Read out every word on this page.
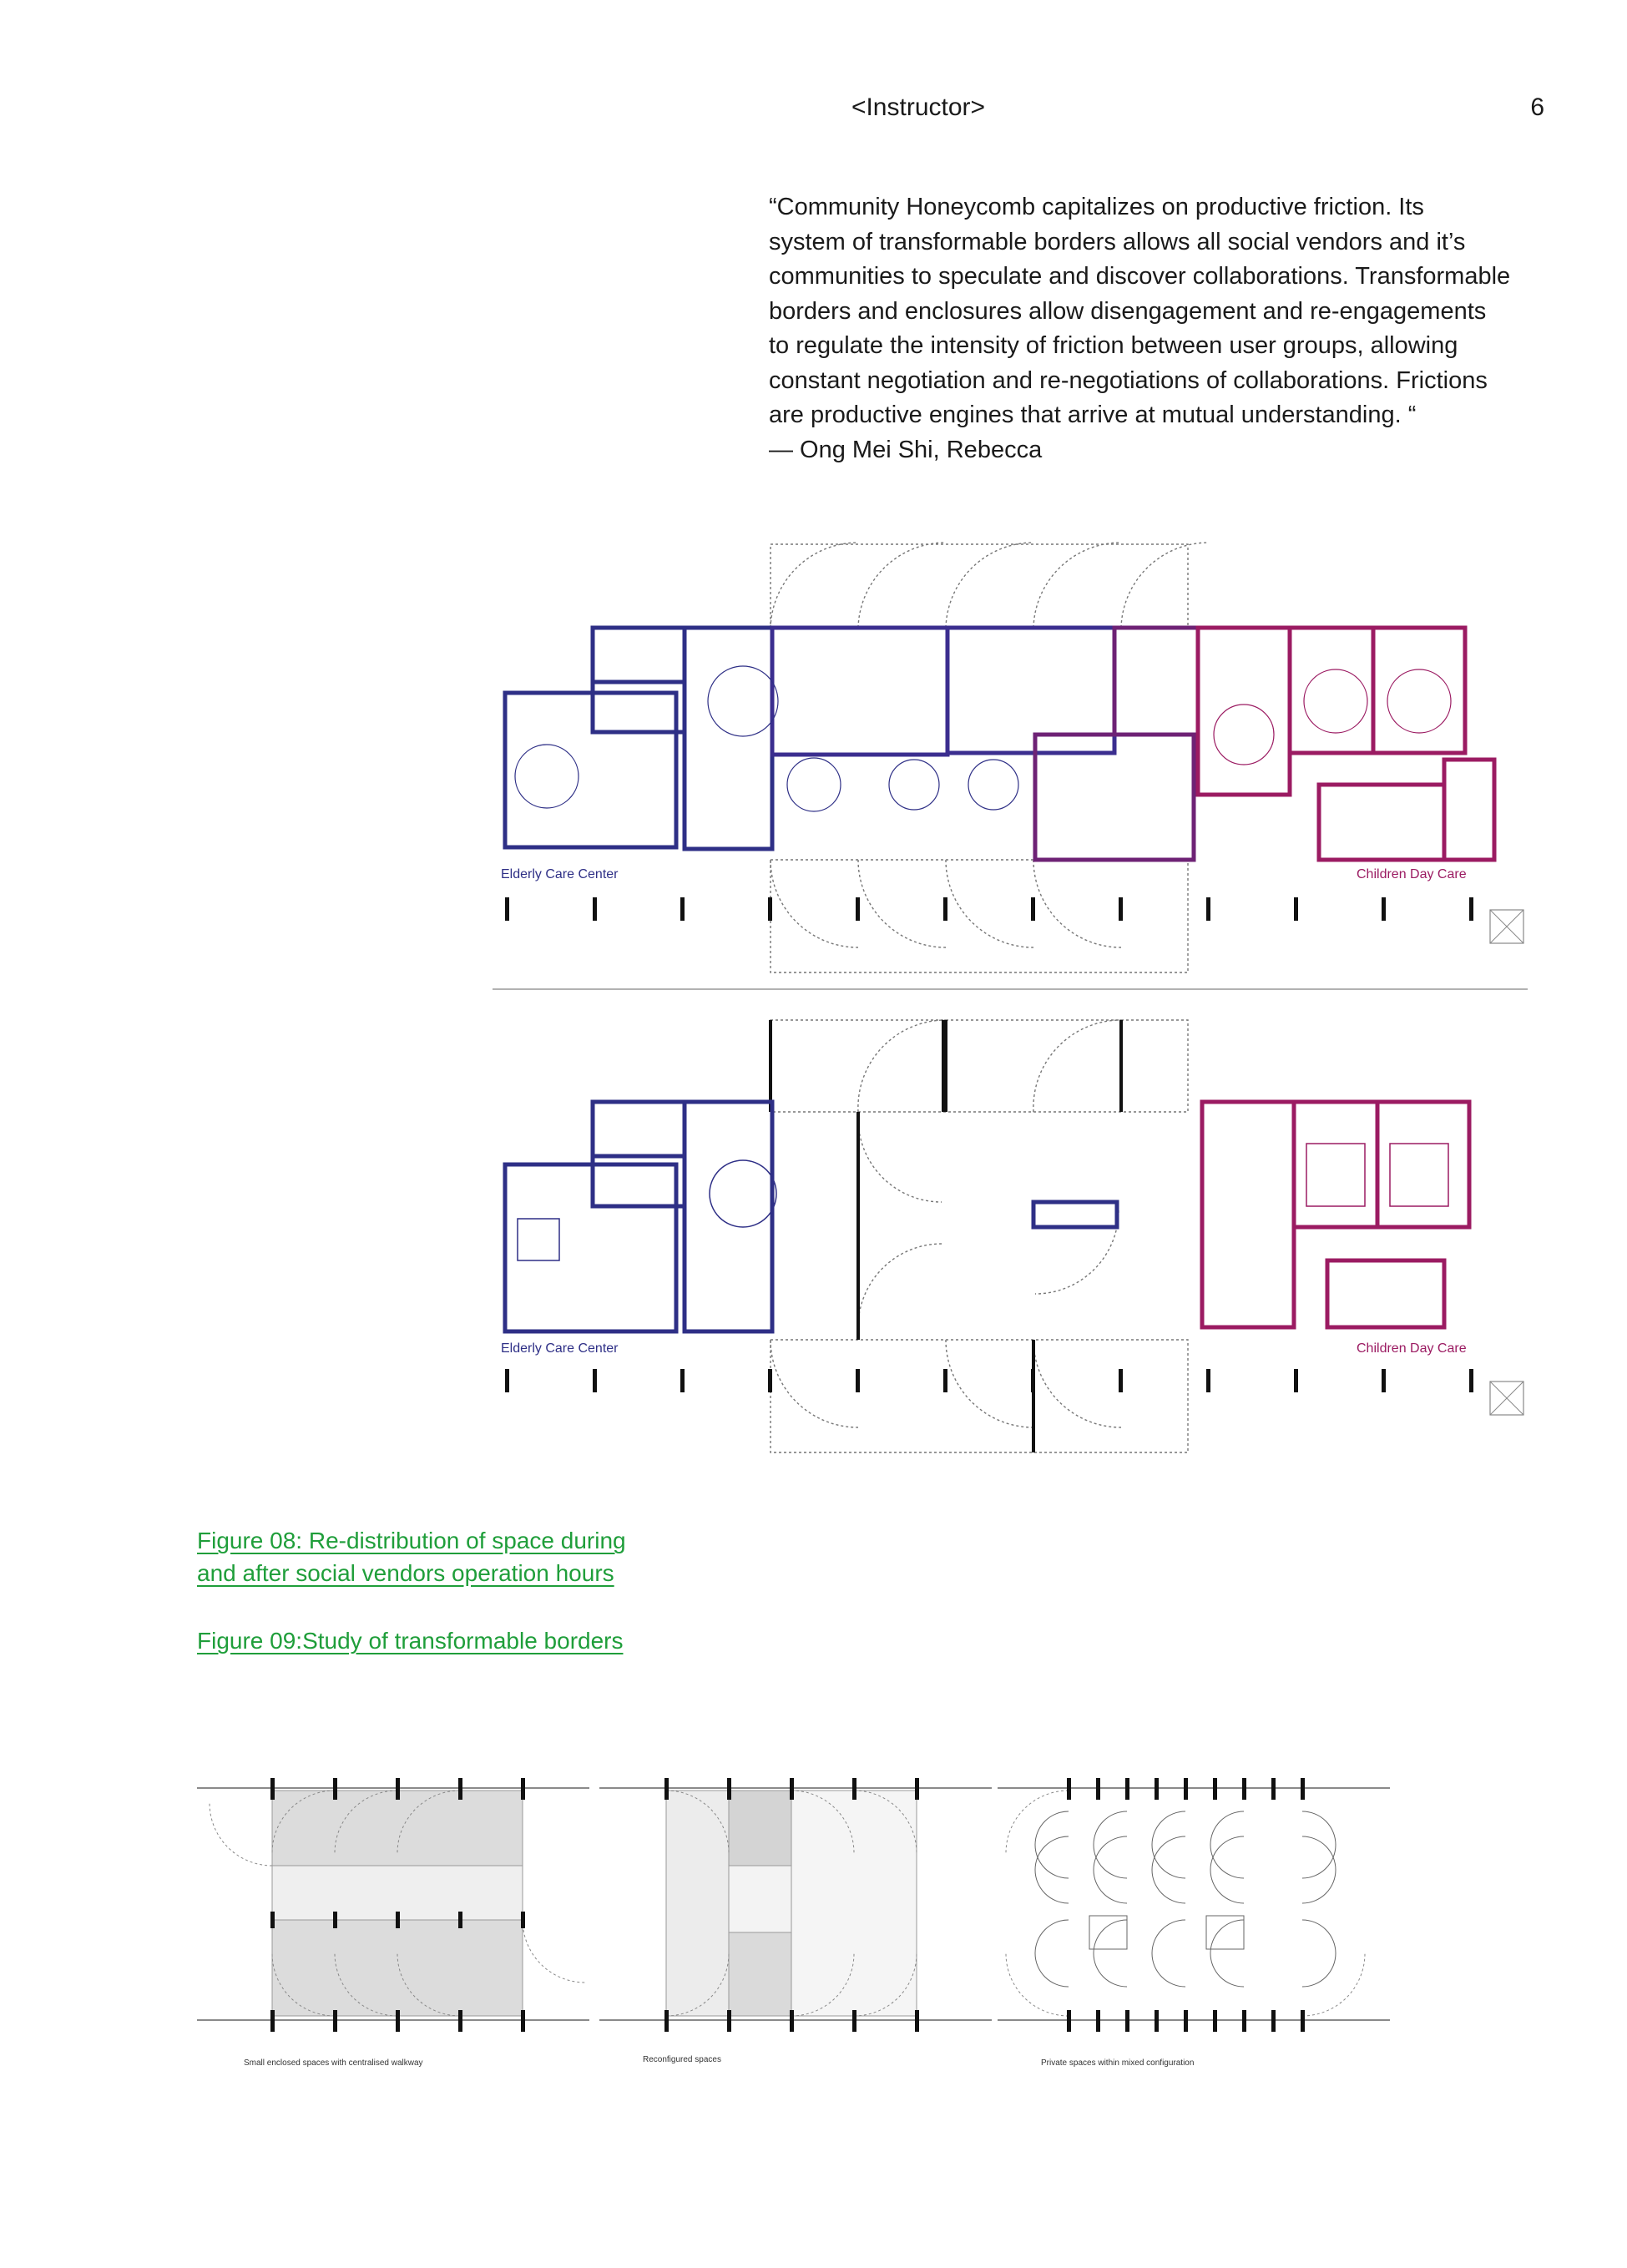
<Instructor>	6

“Community Honeycomb capitalizes on productive friction. Its

system of transformable borders allows all social vendors and it’s

communities to speculate and discover collaborations. Transformable

borders and enclosures allow disengagement and re-engagements

to regulate the intensity of friction between user groups, allowing

constant negotiation and re-negotiations of collaborations. Frictions

are productive engines that arrive at mutual understanding. “

— Ong Mei Shi, Rebecca

Elderly Care Center	Children Day Care
Elderly Care Center	Children Day Care
Figure 08: Re-distribution of space during
and after social vendors operation hours
Figure 09:Study of transformable borders
Small enclosed spaces with centralised walkway	Reconfigured spaces	Private spaces within mixed configuration
